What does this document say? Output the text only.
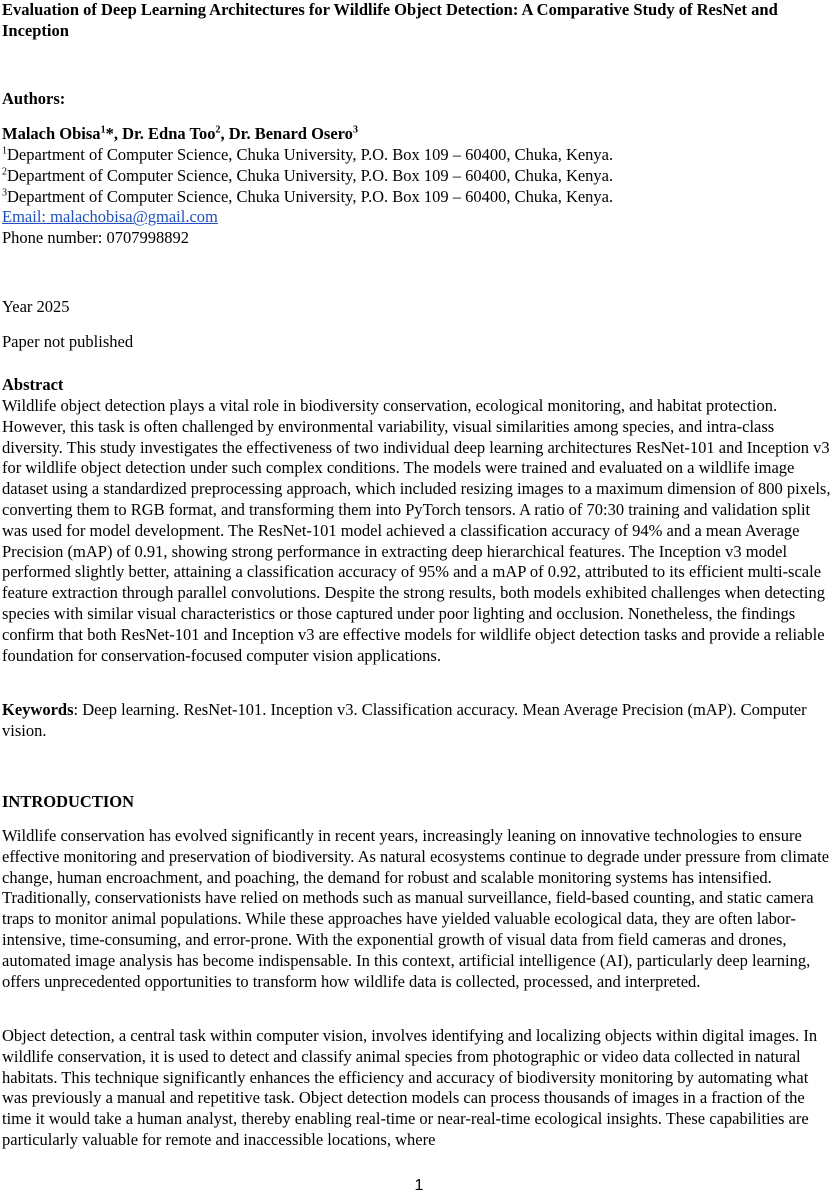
Evaluation of Deep Learning Architectures for Wildlife Object Detection: A Comparative Study of ResNet and Inception
Authors:
Malach Obisa$^1$*, Dr. Edna Too$^2$, Dr. Benard Osero$^3$
$^1$Department of Computer Science, Chuka University, P.O. Box 109 – 60400, Chuka, Kenya.
$^2$Department of Computer Science, Chuka University, P.O. Box 109 – 60400, Chuka, Kenya.
$^3$Department of Computer Science, Chuka University, P.O. Box 109 – 60400, Chuka, Kenya.
Email: malachobisa@gmail.com
Phone number: 0707998892
Year 2025
Paper not published
Abstract
Wildlife object detection plays a vital role in biodiversity conservation, ecological monitoring, and habitat protection. However, this task is often challenged by environmental variability, visual similarities among species, and intra-class diversity. This study investigates the effectiveness of two individual deep learning architectures ResNet-101 and Inception v3 for wildlife object detection under such complex conditions. The models were trained and evaluated on a wildlife image dataset using a standardized preprocessing approach, which included resizing images to a maximum dimension of 800 pixels, converting them to RGB format, and transforming them into PyTorch tensors. A ratio of 70:30 training and validation split was used for model development. The ResNet-101 model achieved a classification accuracy of 94% and a mean Average Precision (mAP) of 0.91, showing strong performance in extracting deep hierarchical features. The Inception v3 model performed slightly better, attaining a classification accuracy of 95% and a mAP of 0.92, attributed to its efficient multi-scale feature extraction through parallel convolutions. Despite the strong results, both models exhibited challenges when detecting species with similar visual characteristics or those captured under poor lighting and occlusion. Nonetheless, the findings confirm that both ResNet-101 and Inception v3 are effective models for wildlife object detection tasks and provide a reliable foundation for conservation-focused computer vision applications.
Keywords: Deep learning. ResNet-101. Inception v3. Classification accuracy. Mean Average Precision (mAP). Computer vision.
INTRODUCTION
Wildlife conservation has evolved significantly in recent years, increasingly leaning on innovative technologies to ensure effective monitoring and preservation of biodiversity. As natural ecosystems continue to degrade under pressure from climate change, human encroachment, and poaching, the demand for robust and scalable monitoring systems has intensified. Traditionally, conservationists have relied on methods such as manual surveillance, field-based counting, and static camera traps to monitor animal populations. While these approaches have yielded valuable ecological data, they are often labor-intensive, time-consuming, and error-prone. With the exponential growth of visual data from field cameras and drones, automated image analysis has become indispensable. In this context, artificial intelligence (AI), particularly deep learning, offers unprecedented opportunities to transform how wildlife data is collected, processed, and interpreted.
Object detection, a central task within computer vision, involves identifying and localizing objects within digital images. In wildlife conservation, it is used to detect and classify animal species from photographic or video data collected in natural habitats. This technique significantly enhances the efficiency and accuracy of biodiversity monitoring by automating what was previously a manual and repetitive task. Object detection models can process thousands of images in a fraction of the time it would take a human analyst, thereby enabling real-time or near-real-time ecological insights. These capabilities are particularly valuable for remote and inaccessible locations, where
1
